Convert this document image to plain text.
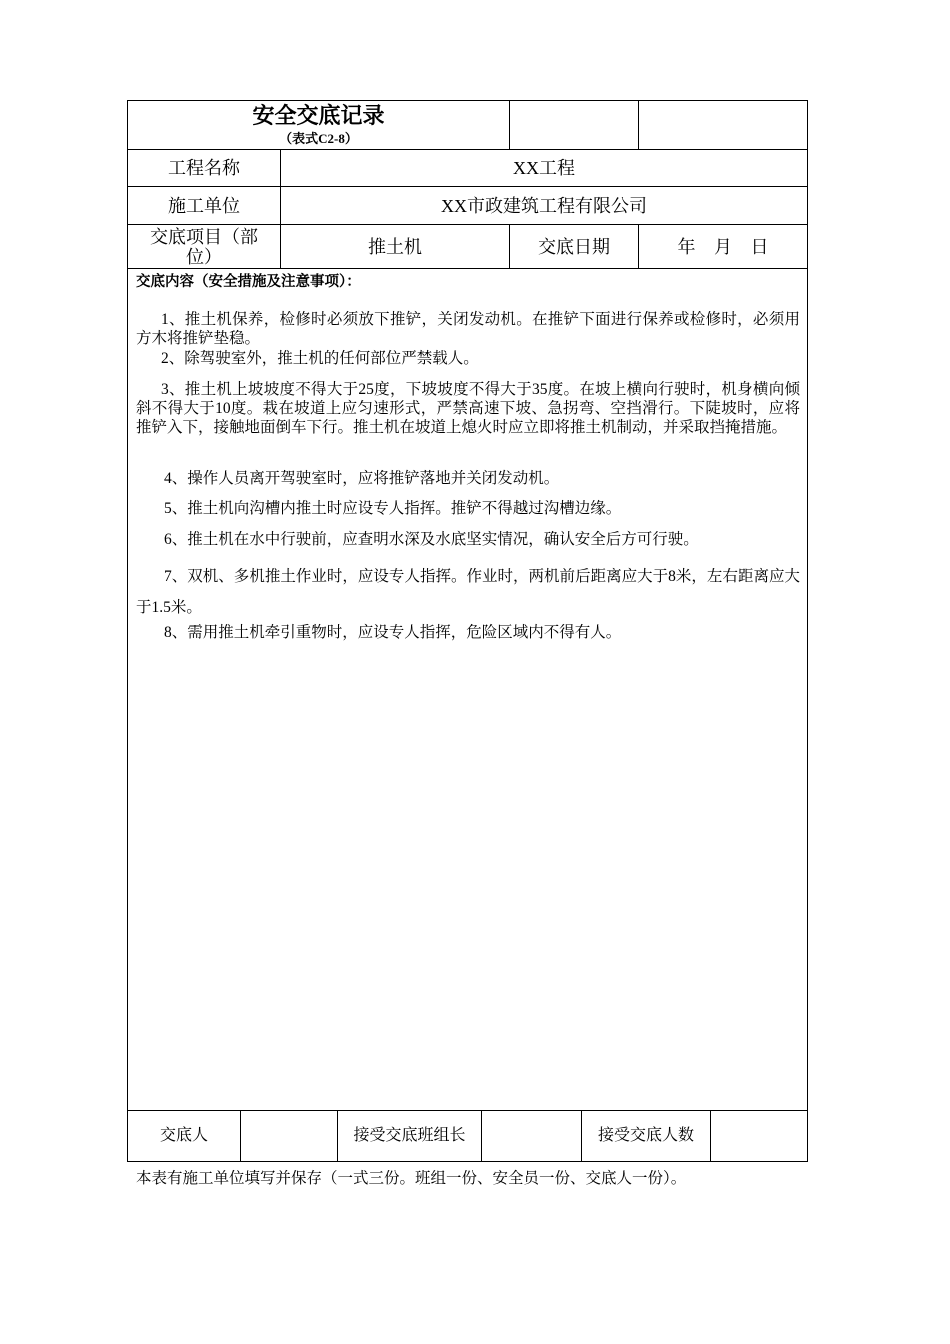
安全交底记录
（表式C2-8）
工程名称	XX工程
施工单位	XX市政建筑工程有限公司
交底项目（部位）	推土机	交底日期	年 月 日
交底内容（安全措施及注意事项）：
1、推土机保养，检修时必须放下推铲，关闭发动机。在推铲下面进行保养或检修时，必须用方木将推铲垫稳。
2、除驾驶室外，推土机的任何部位严禁载人。
3、推土机上坡坡度不得大于25度，下坡坡度不得大于35度。在坡上横向行驶时，机身横向倾斜不得大于10度。栽在坡道上应匀速形式，严禁高速下坡、急拐弯、空挡滑行。下陡坡时，应将推铲入下，接触地面倒车下行。推土机在坡道上熄火时应立即将推土机制动，并采取挡掩措施。
4、操作人员离开驾驶室时，应将推铲落地并关闭发动机。
5、推土机向沟槽内推土时应设专人指挥。推铲不得越过沟槽边缘。
6、推土机在水中行驶前，应查明水深及水底坚实情况，确认安全后方可行驶。
7、双机、多机推土作业时，应设专人指挥。作业时，两机前后距离应大于8米，左右距离应大于1.5米。
8、需用推土机牵引重物时，应设专人指挥，危险区域内不得有人。
交底人	接受交底班组长	接受交底人数
本表有施工单位填写并保存（一式三份。班组一份、安全员一份、交底人一份）。
